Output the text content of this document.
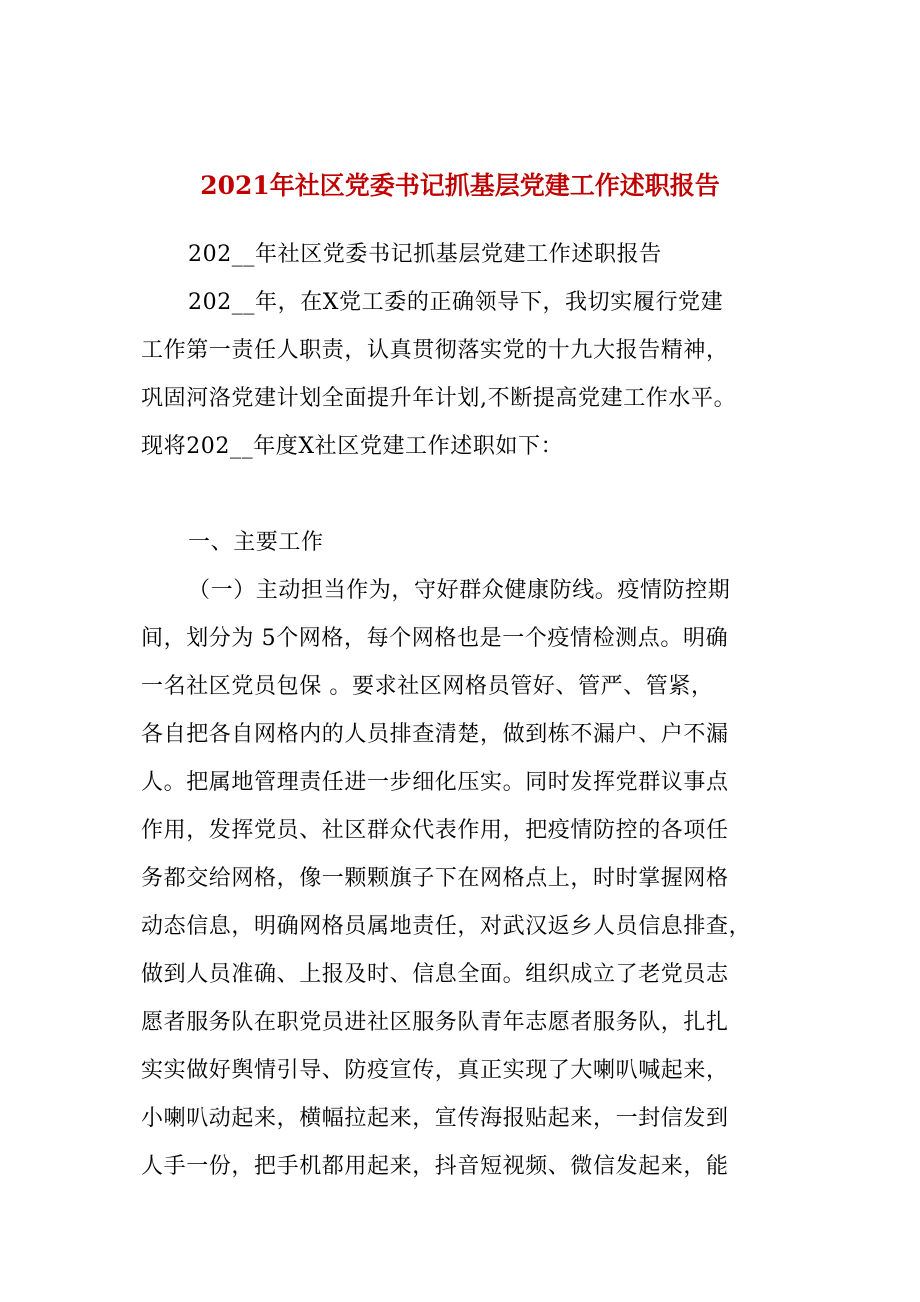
2021年社区党委书记抓基层党建工作述职报告
202__年社区党委书记抓基层党建工作述职报告
202__年，在X党工委的正确领导下，我切实履行党建
工作第一责任人职责，认真贯彻落实党的十九大报告精神，
巩固河洛党建计划全面提升年计划,不断提高党建工作水平。
现将202__年度X社区党建工作述职如下：
一、主要工作
（一）主动担当作为，守好群众健康防线。疫情防控期
间，划分为 5个网格，每个网格也是一个疫情检测点。明确
一名社区党员包保 。要求社区网格员管好、管严、管紧，
各自把各自网格内的人员排查清楚，做到栋不漏户、户不漏
人。把属地管理责任进一步细化压实。同时发挥党群议事点
作用，发挥党员、社区群众代表作用，把疫情防控的各项任
务都交给网格，像一颗颗旗子下在网格点上，时时掌握网格
动态信息，明确网格员属地责任，对武汉返乡人员信息排查，
做到人员准确、上报及时、信息全面。组织成立了老党员志
愿者服务队在职党员进社区服务队青年志愿者服务队，扎扎
实实做好舆情引导、防疫宣传，真正实现了大喇叭喊起来，
小喇叭动起来，横幅拉起来，宣传海报贴起来，一封信发到
人手一份，把手机都用起来，抖音短视频、微信发起来，能
